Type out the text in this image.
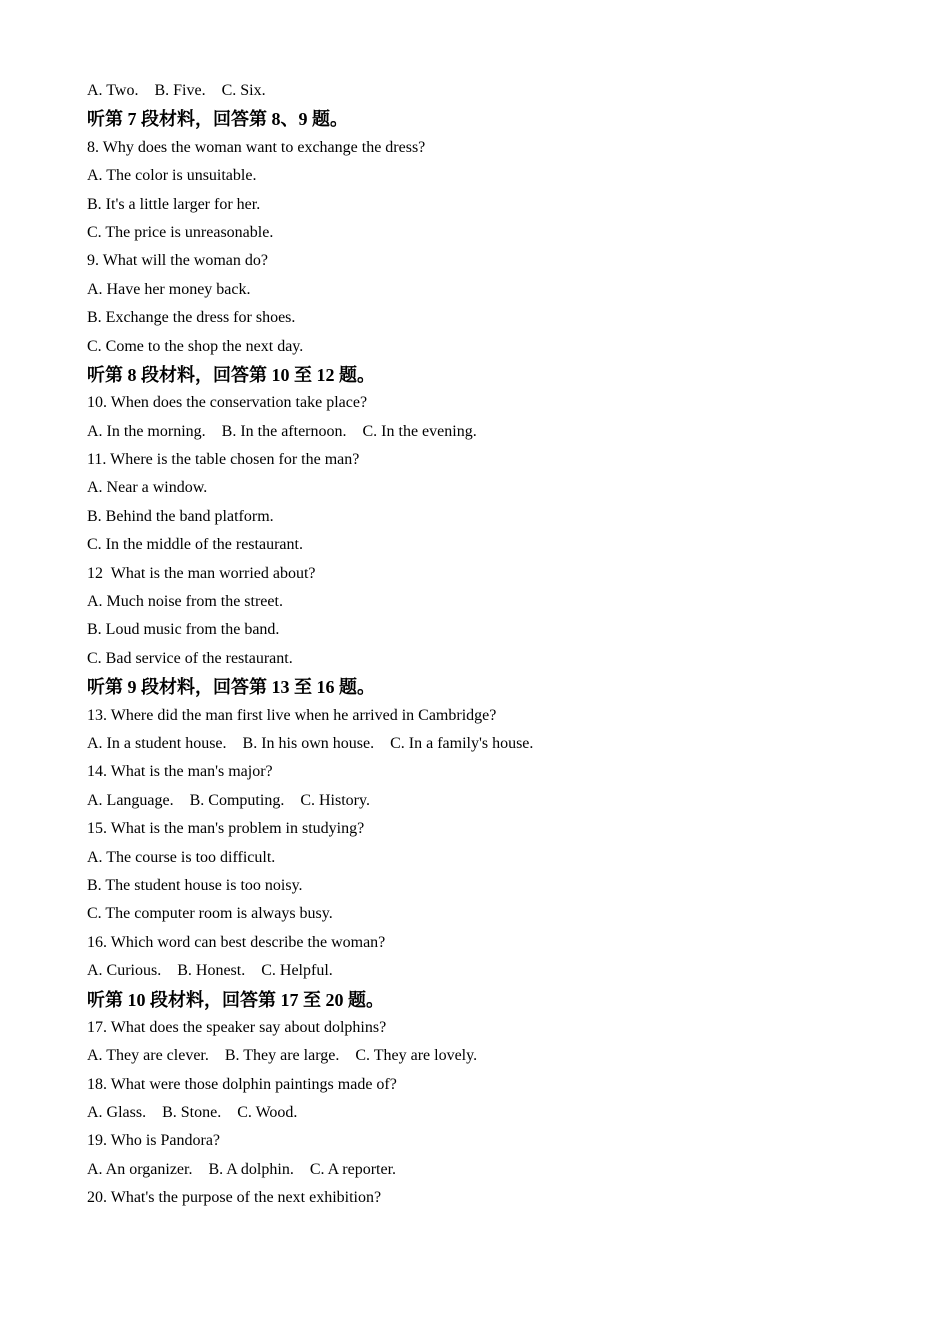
A. Two.    B. Five.    C. Six.
听第 7 段材料，回答第 8、9 题。
8. Why does the woman want to exchange the dress?
A. The color is unsuitable.
B. It's a little larger for her.
C. The price is unreasonable.
9. What will the woman do?
A. Have her money back.
B. Exchange the dress for shoes.
C. Come to the shop the next day.
听第 8 段材料，回答第 10 至 12 题。
10. When does the conservation take place?
A. In the morning.    B. In the afternoon.    C. In the evening.
11. Where is the table chosen for the man?
A. Near a window.
B. Behind the band platform.
C. In the middle of the restaurant.
12  What is the man worried about?
A. Much noise from the street.
B. Loud music from the band.
C. Bad service of the restaurant.
听第 9 段材料，回答第 13 至 16 题。
13. Where did the man first live when he arrived in Cambridge?
A. In a student house.    B. In his own house.    C. In a family's house.
14. What is the man's major?
A. Language.    B. Computing.    C. History.
15. What is the man's problem in studying?
A. The course is too difficult.
B. The student house is too noisy.
C. The computer room is always busy.
16. Which word can best describe the woman?
A. Curious.    B. Honest.    C. Helpful.
听第 10 段材料，回答第 17 至 20 题。
17. What does the speaker say about dolphins?
A. They are clever.    B. They are large.    C. They are lovely.
18. What were those dolphin paintings made of?
A. Glass.    B. Stone.    C. Wood.
19. Who is Pandora?
A. An organizer.    B. A dolphin.    C. A reporter.
20. What's the purpose of the next exhibition?
